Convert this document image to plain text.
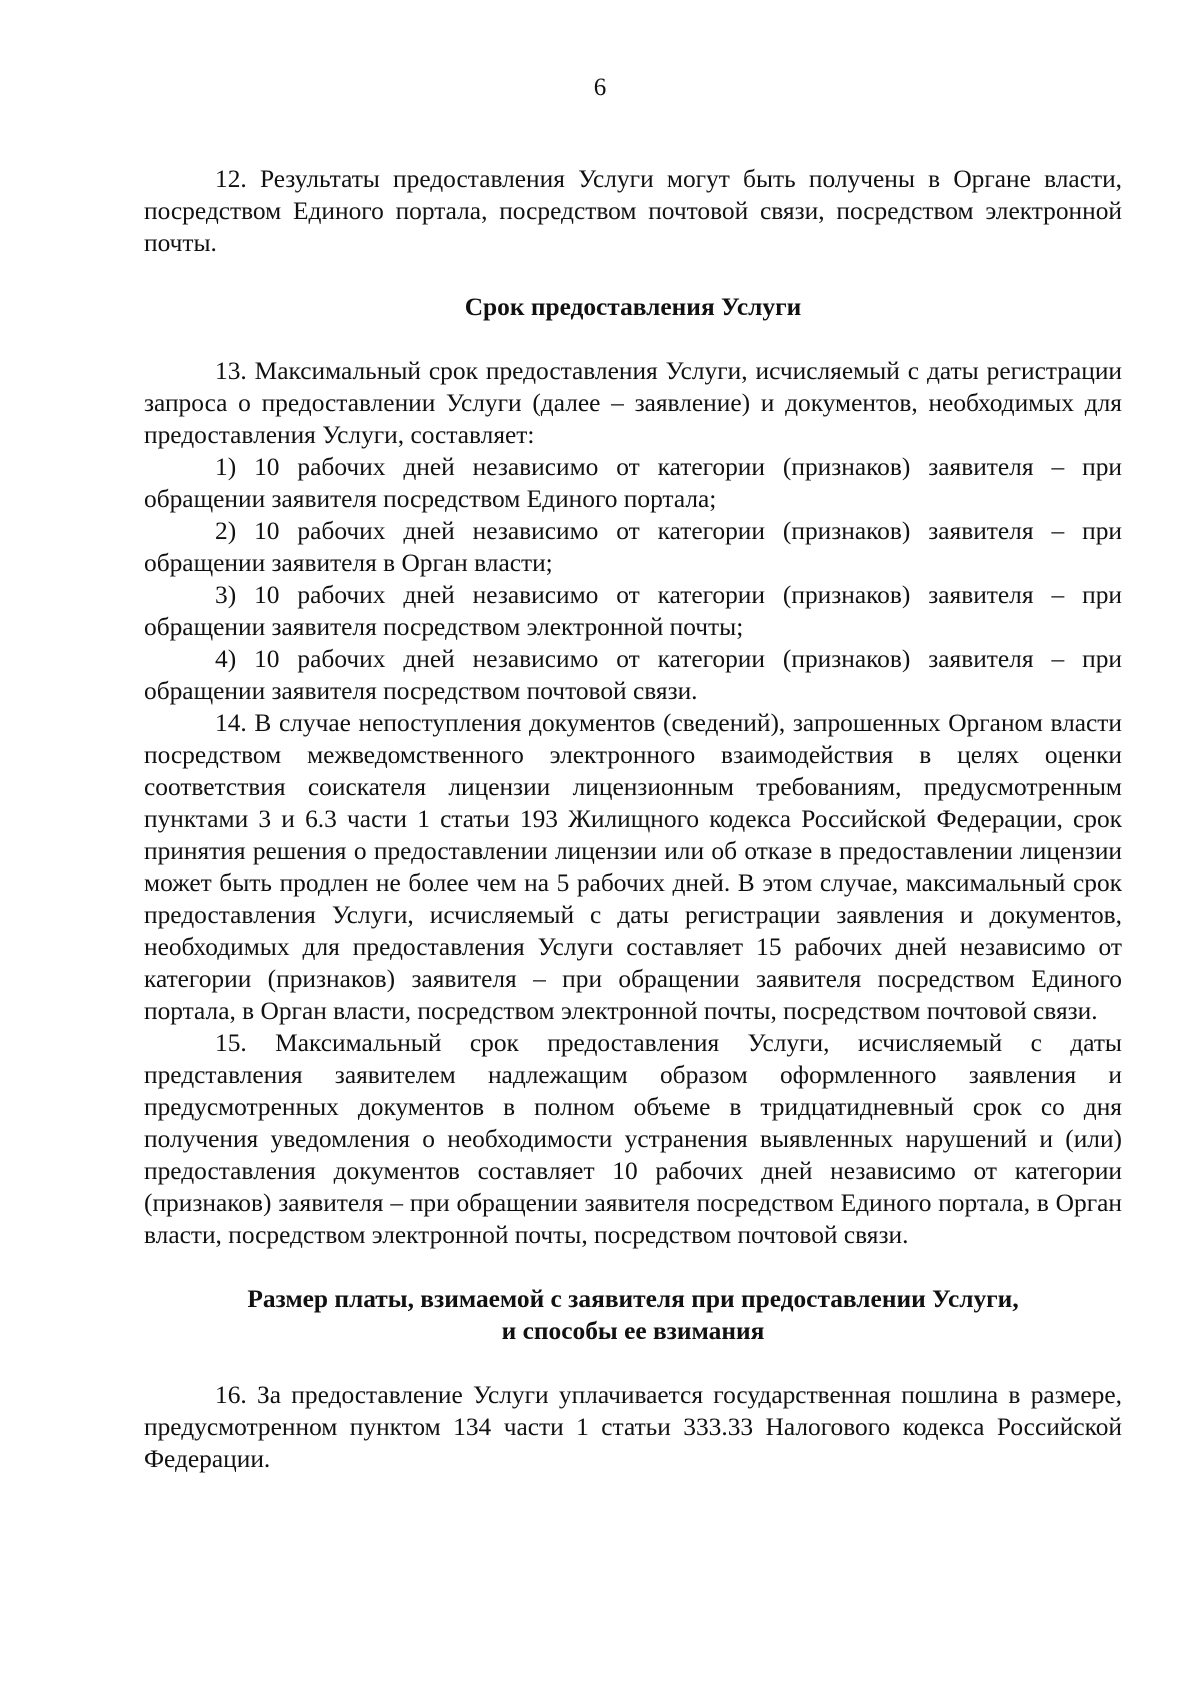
6

12. Результаты предоставления Услуги могут быть получены в Органе власти, посредством Единого портала, посредством почтовой связи, посредством электронной почты.

Срок предоставления Услуги

13. Максимальный срок предоставления Услуги, исчисляемый с даты регистрации запроса о предоставлении Услуги (далее – заявление) и документов, необходимых для предоставления Услуги, составляет:

1) 10 рабочих дней независимо от категории (признаков) заявителя – при обращении заявителя посредством Единого портала;

2) 10 рабочих дней независимо от категории (признаков) заявителя – при обращении заявителя в Орган власти;

3) 10 рабочих дней независимо от категории (признаков) заявителя – при обращении заявителя посредством электронной почты;

4) 10 рабочих дней независимо от категории (признаков) заявителя – при обращении заявителя посредством почтовой связи.

14. В случае непоступления документов (сведений), запрошенных Органом власти посредством межведомственного электронного взаимодействия в целях оценки соответствия соискателя лицензии лицензионным требованиям, предусмотренным пунктами 3 и 6.3 части 1 статьи 193 Жилищного кодекса Российской Федерации, срок принятия решения о предоставлении лицензии или об отказе в предоставлении лицензии может быть продлен не более чем на 5 рабочих дней. В этом случае, максимальный срок предоставления Услуги, исчисляемый с даты регистрации заявления и документов, необходимых для предоставления Услуги составляет 15 рабочих дней независимо от категории (признаков) заявителя – при обращении заявителя посредством Единого портала, в Орган власти, посредством электронной почты, посредством почтовой связи.

15. Максимальный срок предоставления Услуги, исчисляемый с даты представления заявителем надлежащим образом оформленного заявления и предусмотренных документов в полном объеме в тридцатидневный срок со дня получения уведомления о необходимости устранения выявленных нарушений и (или) предоставления документов составляет 10 рабочих дней независимо от категории (признаков) заявителя – при обращении заявителя посредством Единого портала, в Орган власти, посредством электронной почты, посредством почтовой связи.

Размер платы, взимаемой с заявителя при предоставлении Услуги,
и способы ее взимания

16. За предоставление Услуги уплачивается государственная пошлина в размере, предусмотренном пунктом 134 части 1 статьи 333.33 Налогового кодекса Российской Федерации.
